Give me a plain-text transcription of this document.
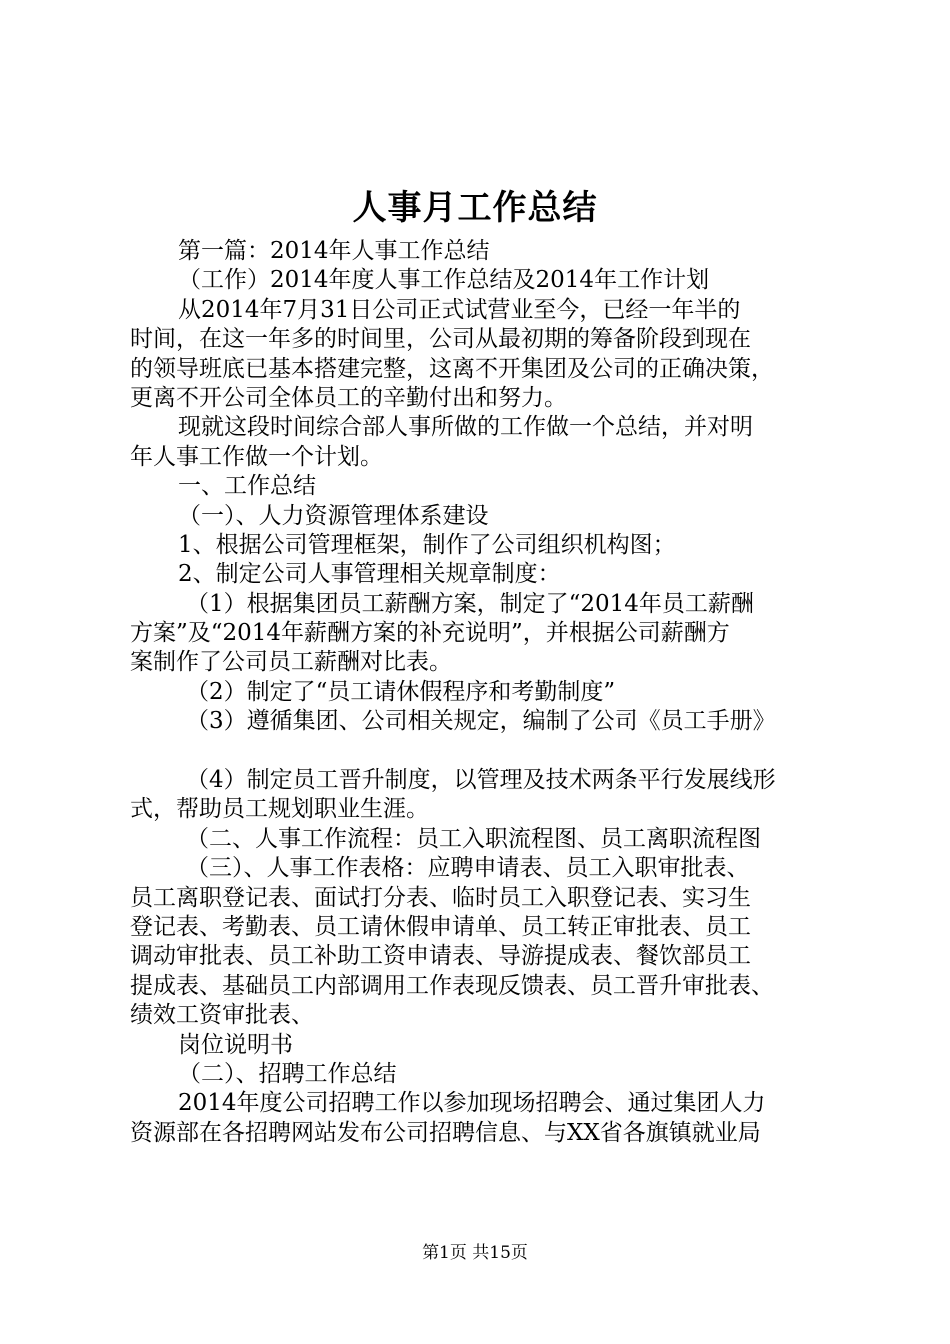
人事月工作总结
第一篇：2014年人事工作总结
（工作）2014年度人事工作总结及2014年工作计划
从2014年7月31日公司正式试营业至今，已经一年半的
时间，在这一年多的时间里，公司从最初期的筹备阶段到现在
的领导班底已基本搭建完整，这离不开集团及公司的正确决策，
更离不开公司全体员工的辛勤付出和努力。
现就这段时间综合部人事所做的工作做一个总结，并对明
年人事工作做一个计划。
一、工作总结
（一）、人力资源管理体系建设
1、根据公司管理框架，制作了公司组织机构图；
2、制定公司人事管理相关规章制度：
（1）根据集团员工薪酬方案，制定了“2014年员工薪酬
方案”及“2014年薪酬方案的补充说明”，并根据公司薪酬方
案制作了公司员工薪酬对比表。
（2）制定了“员工请休假程序和考勤制度”
（3）遵循集团、公司相关规定，编制了公司《员工手册》
（4）制定员工晋升制度，以管理及技术两条平行发展线形
式，帮助员工规划职业生涯。
（二、人事工作流程：员工入职流程图、员工离职流程图
（三）、人事工作表格：应聘申请表、员工入职审批表、
员工离职登记表、面试打分表、临时员工入职登记表、实习生
登记表、考勤表、员工请休假申请单、员工转正审批表、员工
调动审批表、员工补助工资申请表、导游提成表、餐饮部员工
提成表、基础员工内部调用工作表现反馈表、员工晋升审批表、
绩效工资审批表、
岗位说明书
（二）、招聘工作总结
2014年度公司招聘工作以参加现场招聘会、通过集团人力
资源部在各招聘网站发布公司招聘信息、与XX省各旗镇就业局
第1页 共15页
